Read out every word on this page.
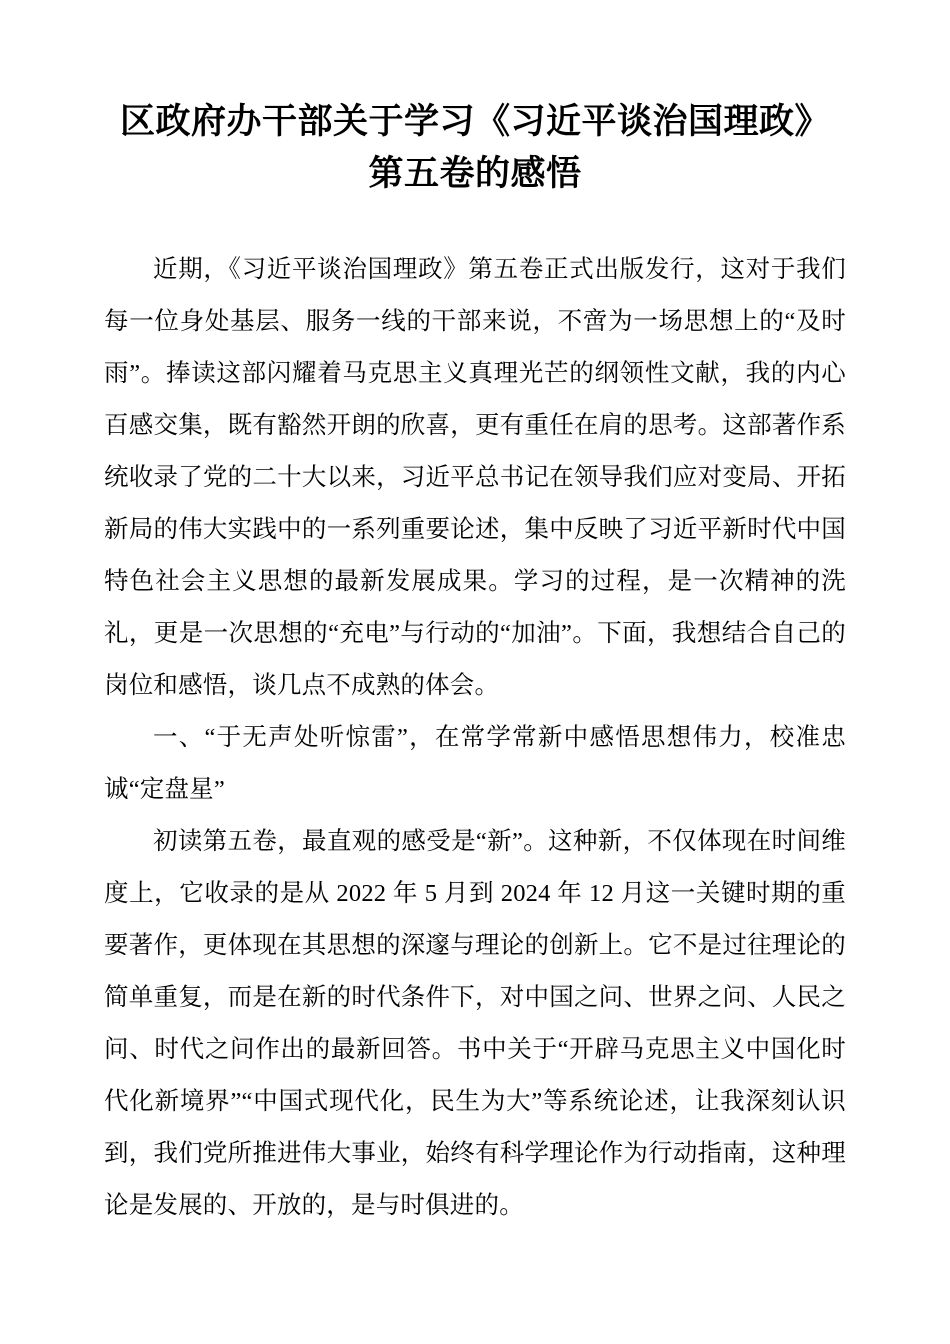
区政府办干部关于学习《习近平谈治国理政》第五卷的感悟

近期，《习近平谈治国理政》第五卷正式出版发行，这对于我们每一位身处基层、服务一线的干部来说，不啻为一场思想上的“及时雨”。捧读这部闪耀着马克思主义真理光芒的纲领性文献，我的内心百感交集，既有豁然开朗的欣喜，更有重任在肩的思考。这部著作系统收录了党的二十大以来，习近平总书记在领导我们应对变局、开拓新局的伟大实践中的一系列重要论述，集中反映了习近平新时代中国特色社会主义思想的最新发展成果。学习的过程，是一次精神的洗礼，更是一次思想的“充电”与行动的“加油”。下面，我想结合自己的岗位和感悟，谈几点不成熟的体会。

一、“于无声处听惊雷”，在常学常新中感悟思想伟力，校准忠诚“定盘星”

初读第五卷，最直观的感受是“新”。这种新，不仅体现在时间维度上，它收录的是从 2022 年 5 月到 2024 年 12 月这一关键时期的重要著作，更体现在其思想的深邃与理论的创新上。它不是过往理论的简单重复，而是在新的时代条件下，对中国之问、世界之问、人民之问、时代之问作出的最新回答。书中关于“开辟马克思主义中国化时代化新境界”“中国式现代化，民生为大”等系统论述，让我深刻认识到，我们党所推进伟大事业，始终有科学理论作为行动指南，这种理论是发展的、开放的，是与时俱进的。
